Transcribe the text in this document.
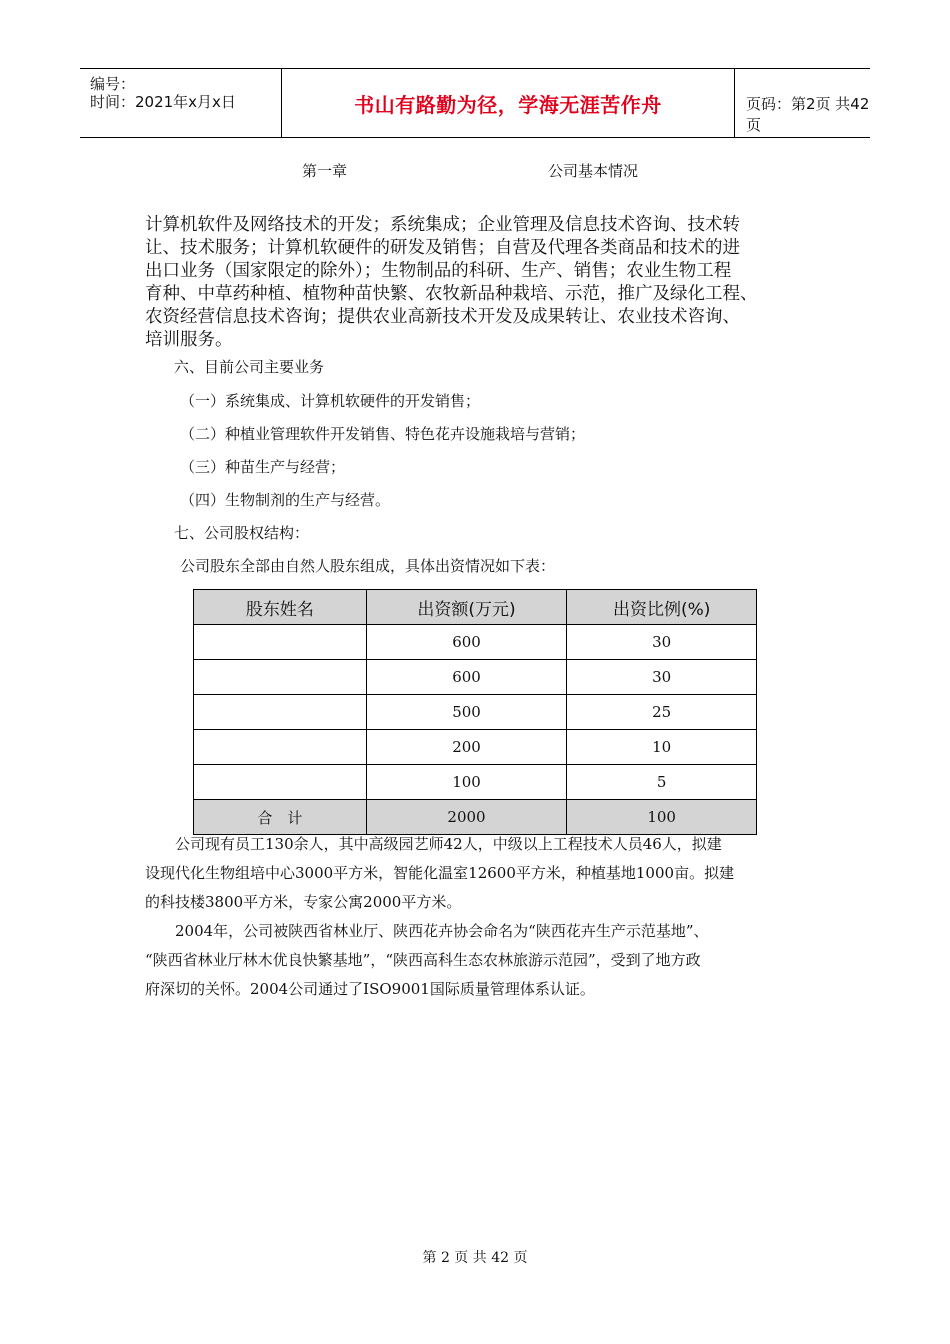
编号：
时间：2021年x月x日	书山有路勤为径，学海无涯苦作舟	页码：第2页 共42页
第一章	公司基本情况
计算机软件及网络技术的开发；系统集成；企业管理及信息技术咨询、技术转
让、技术服务；计算机软硬件的研发及销售；自营及代理各类商品和技术的进
出口业务（国家限定的除外）；生物制品的科研、生产、销售；农业生物工程
育种、中草药种植、植物种苗快繁、农牧新品种栽培、示范，推广及绿化工程、
农资经营信息技术咨询；提供农业高新技术开发及成果转让、农业技术咨询、
培训服务。
六、目前公司主要业务
（一）系统集成、计算机软硬件的开发销售；
（二）种植业管理软件开发销售、特色花卉设施栽培与营销；
（三）种苗生产与经营；
（四）生物制剂的生产与经营。
七、公司股权结构：
公司股东全部由自然人股东组成，具体出资情况如下表：
股东姓名	出资额(万元)	出资比例(%)
	600	30
	600	30
	500	25
	200	10
	100	5
合　计	2000	100
公司现有员工130余人，其中高级园艺师42人，中级以上工程技术人员46人，拟建
设现代化生物组培中心3000平方米，智能化温室12600平方米，种植基地1000亩。拟建
的科技楼3800平方米，专家公寓2000平方米。
2004年，公司被陕西省林业厅、陕西花卉协会命名为“陕西花卉生产示范基地”、
“陕西省林业厅林木优良快繁基地”，“陕西高科生态农林旅游示范园”，受到了地方政
府深切的关怀。2004公司通过了ISO9001国际质量管理体系认证。
第 2 页 共 42 页
